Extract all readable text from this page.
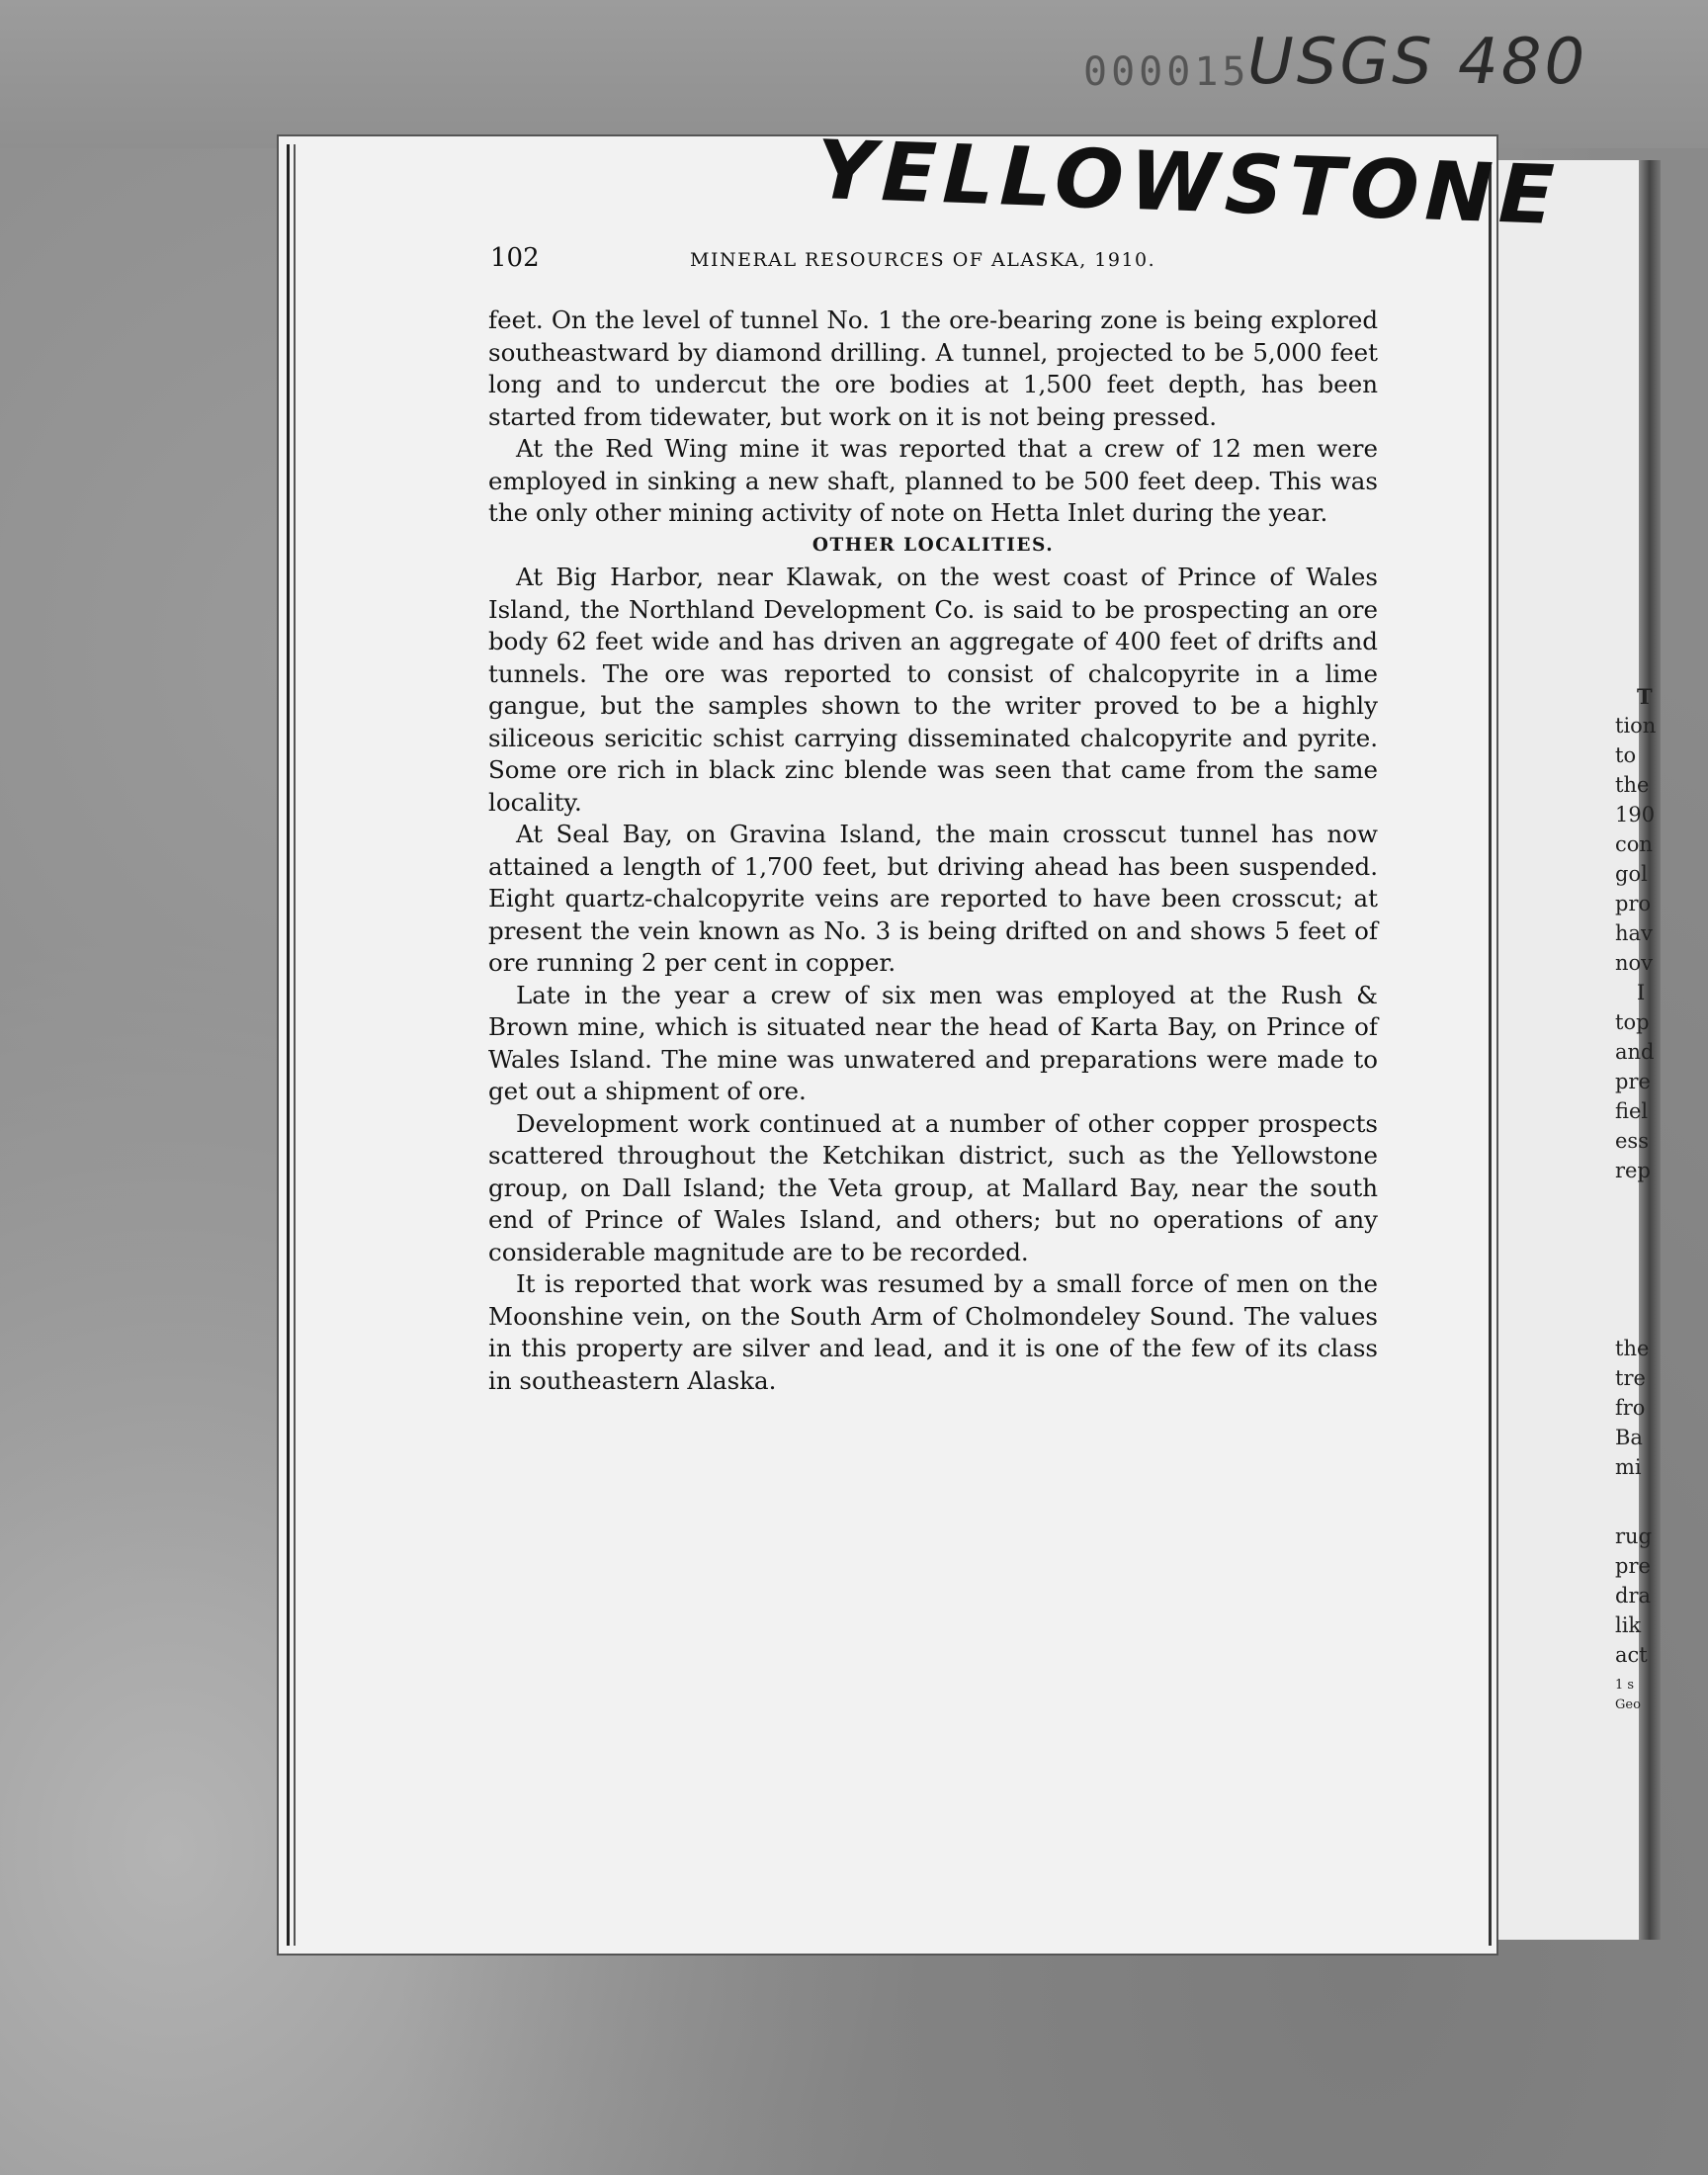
000015
USGS 480
T
tion
to
the
190
con
gol
pro
hav
nov
I
top
and
pre
fiel
ess
rep
the
tre
fro
Ba
mi
rug
pre
dra
lik
act
1 s
Geo
102	MINERAL RESOURCES OF ALASKA, 1910.

feet. On the level of tunnel No. 1 the ore-bearing zone is being explored southeastward by diamond drilling. A tunnel, projected to be 5,000 feet long and to undercut the ore bodies at 1,500 feet depth, has been started from tidewater, but work on it is not being pressed.

At the Red Wing mine it was reported that a crew of 12 men were employed in sinking a new shaft, planned to be 500 feet deep. This was the only other mining activity of note on Hetta Inlet during the year.

OTHER LOCALITIES.

At Big Harbor, near Klawak, on the west coast of Prince of Wales Island, the Northland Development Co. is said to be prospecting an ore body 62 feet wide and has driven an aggregate of 400 feet of drifts and tunnels. The ore was reported to consist of chalcopyrite in a lime gangue, but the samples shown to the writer proved to be a highly siliceous sericitic schist carrying disseminated chalcopyrite and pyrite. Some ore rich in black zinc blende was seen that came from the same locality.

At Seal Bay, on Gravina Island, the main crosscut tunnel has now attained a length of 1,700 feet, but driving ahead has been suspended. Eight quartz-chalcopyrite veins are reported to have been crosscut; at present the vein known as No. 3 is being drifted on and shows 5 feet of ore running 2 per cent in copper.

Late in the year a crew of six men was employed at the Rush & Brown mine, which is situated near the head of Karta Bay, on Prince of Wales Island. The mine was unwatered and preparations were made to get out a shipment of ore.

Development work continued at a number of other copper prospects scattered throughout the Ketchikan district, such as the Yellowstone group, on Dall Island; the Veta group, at Mallard Bay, near the south end of Prince of Wales Island, and others; but no operations of any considerable magnitude are to be recorded.

It is reported that work was resumed by a small force of men on the Moonshine vein, on the South Arm of Cholmondeley Sound. The values in this property are silver and lead, and it is one of the few of its class in southeastern Alaska.

YELLOWSTONE
